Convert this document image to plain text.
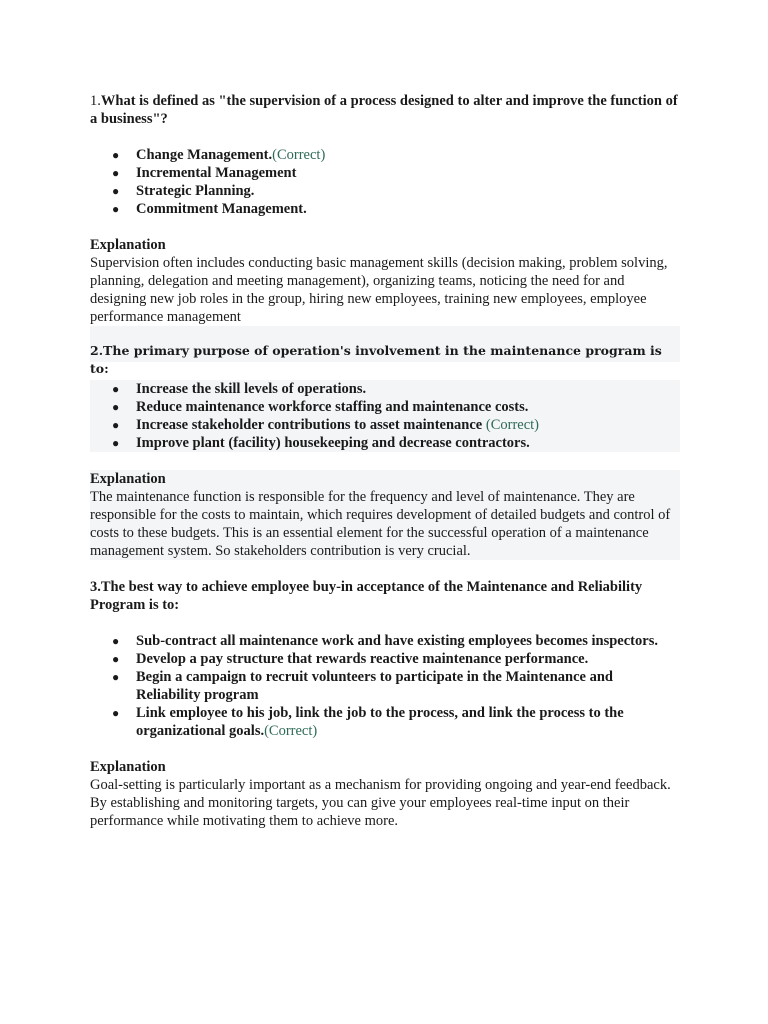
1.What is defined as "the supervision of a process designed to alter and improve the function of a business"?

● Change Management.(Correct)
● Incremental Management
● Strategic Planning.
● Commitment Management.

Explanation

Supervision often includes conducting basic management skills (decision making, problem solving, planning, delegation and meeting management), organizing teams, noticing the need for and designing new job roles in the group, hiring new employees, training new employees, employee performance management

2.The primary purpose of operation's involvement in the maintenance program is to:

● Increase the skill levels of operations.
● Reduce maintenance workforce staffing and maintenance costs.
● Increase stakeholder contributions to asset maintenance (Correct)
● Improve plant (facility) housekeeping and decrease contractors.

Explanation

The maintenance function is responsible for the frequency and level of maintenance. They are responsible for the costs to maintain, which requires development of detailed budgets and control of costs to these budgets. This is an essential element for the successful operation of a maintenance management system. So stakeholders contribution is very crucial.

3.The best way to achieve employee buy-in acceptance of the Maintenance and Reliability Program is to:

● Sub-contract all maintenance work and have existing employees becomes inspectors.
● Develop a pay structure that rewards reactive maintenance performance.
● Begin a campaign to recruit volunteers to participate in the Maintenance and Reliability program
● Link employee to his job, link the job to the process, and link the process to the organizational goals.(Correct)

Explanation

Goal-setting is particularly important as a mechanism for providing ongoing and year-end feedback. By establishing and monitoring targets, you can give your employees real-time input on their performance while motivating them to achieve more.
